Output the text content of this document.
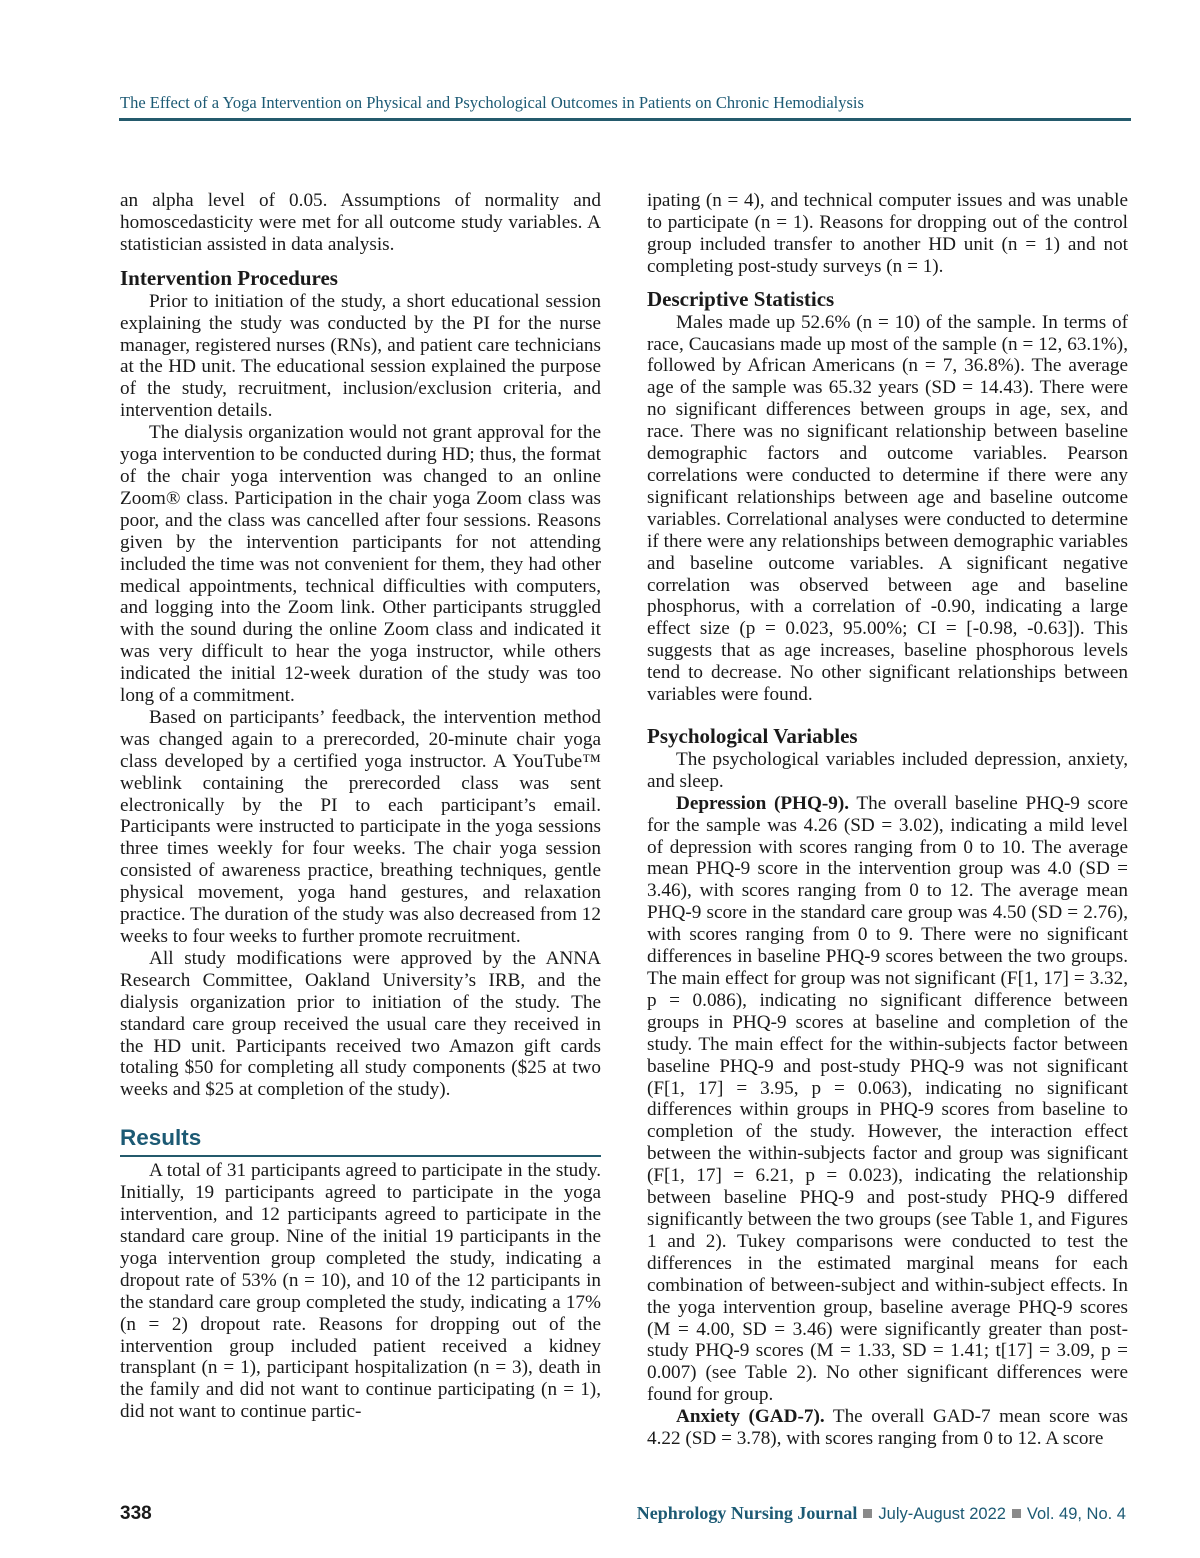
The Effect of a Yoga Intervention on Physical and Psychological Outcomes in Patients on Chronic Hemodialysis

an alpha level of 0.05. Assumptions of normality and homoscedasticity were met for all outcome study variables. A statistician assisted in data analysis.

Intervention Procedures

Prior to initiation of the study, a short educational session explaining the study was conducted by the PI for the nurse manager, registered nurses (RNs), and patient care technicians at the HD unit. The educational session explained the purpose of the study, recruitment, inclusion/exclusion criteria, and intervention details.

The dialysis organization would not grant approval for the yoga intervention to be conducted during HD; thus, the format of the chair yoga intervention was changed to an online Zoom® class. Participation in the chair yoga Zoom class was poor, and the class was cancelled after four sessions. Reasons given by the intervention participants for not attending included the time was not convenient for them, they had other medical appointments, technical difficulties with computers, and logging into the Zoom link. Other participants struggled with the sound during the online Zoom class and indicated it was very difficult to hear the yoga instructor, while others indicated the initial 12-week duration of the study was too long of a commitment.

Based on participants’ feedback, the intervention method was changed again to a prerecorded, 20-minute chair yoga class developed by a certified yoga instructor. A YouTube™ weblink containing the prerecorded class was sent electronically by the PI to each participant’s email. Participants were instructed to participate in the yoga sessions three times weekly for four weeks. The chair yoga session consisted of awareness practice, breathing techniques, gentle physical movement, yoga hand gestures, and relaxation practice. The duration of the study was also decreased from 12 weeks to four weeks to further promote recruitment.

All study modifications were approved by the ANNA Research Committee, Oakland University’s IRB, and the dialysis organization prior to initiation of the study. The standard care group received the usual care they received in the HD unit. Participants received two Amazon gift cards totaling $50 for completing all study components ($25 at two weeks and $25 at completion of the study).

Results

A total of 31 participants agreed to participate in the study. Initially, 19 participants agreed to participate in the yoga intervention, and 12 participants agreed to participate in the standard care group. Nine of the initial 19 participants in the yoga intervention group completed the study, indicating a dropout rate of 53% (n = 10), and 10 of the 12 participants in the standard care group completed the study, indicating a 17% (n = 2) dropout rate. Reasons for dropping out of the intervention group included patient received a kidney transplant (n = 1), participant hospitalization (n = 3), death in the family and did not want to continue participating (n = 1), did not want to continue partic-

ipating (n = 4), and technical computer issues and was unable to participate (n = 1). Reasons for dropping out of the control group included transfer to another HD unit (n = 1) and not completing post-study surveys (n = 1).

Descriptive Statistics

Males made up 52.6% (n = 10) of the sample. In terms of race, Caucasians made up most of the sample (n = 12, 63.1%), followed by African Americans (n = 7, 36.8%). The average age of the sample was 65.32 years (SD = 14.43). There were no significant differences between groups in age, sex, and race. There was no significant relationship between baseline demographic factors and outcome variables. Pearson correlations were conducted to determine if there were any significant relationships between age and baseline outcome variables. Correlational analyses were conducted to determine if there were any relationships between demographic variables and baseline outcome variables. A significant negative correlation was observed between age and baseline phosphorus, with a correlation of -0.90, indicating a large effect size (p = 0.023, 95.00%; CI = [-0.98, -0.63]). This suggests that as age increases, baseline phosphorous levels tend to decrease. No other significant relationships between variables were found.

Psychological Variables

The psychological variables included depression, anxiety, and sleep.

Depression (PHQ-9). The overall baseline PHQ-9 score for the sample was 4.26 (SD = 3.02), indicating a mild level of depression with scores ranging from 0 to 10. The average mean PHQ-9 score in the intervention group was 4.0 (SD = 3.46), with scores ranging from 0 to 12. The average mean PHQ-9 score in the standard care group was 4.50 (SD = 2.76), with scores ranging from 0 to 9. There were no significant differences in baseline PHQ-9 scores between the two groups. The main effect for group was not significant (F[1, 17] = 3.32, p = 0.086), indicating no significant difference between groups in PHQ-9 scores at baseline and completion of the study. The main effect for the within-subjects factor between baseline PHQ-9 and post-study PHQ-9 was not significant (F[1, 17] = 3.95, p = 0.063), indicating no significant differences within groups in PHQ-9 scores from baseline to completion of the study. However, the interaction effect between the within-subjects factor and group was significant (F[1, 17] = 6.21, p = 0.023), indicating the relationship between baseline PHQ-9 and post-study PHQ-9 differed significantly between the two groups (see Table 1, and Figures 1 and 2). Tukey comparisons were conducted to test the differences in the estimated marginal means for each combination of between-subject and within-subject effects. In the yoga intervention group, baseline average PHQ-9 scores (M = 4.00, SD = 3.46) were significantly greater than post-study PHQ-9 scores (M = 1.33, SD = 1.41; t[17] = 3.09, p = 0.007) (see Table 2). No other significant differences were found for group.

Anxiety (GAD-7). The overall GAD-7 mean score was 4.22 (SD = 3.78), with scores ranging from 0 to 12. A score

338	Nephrology Nursing Journal July-August 2022 Vol. 49, No. 4
